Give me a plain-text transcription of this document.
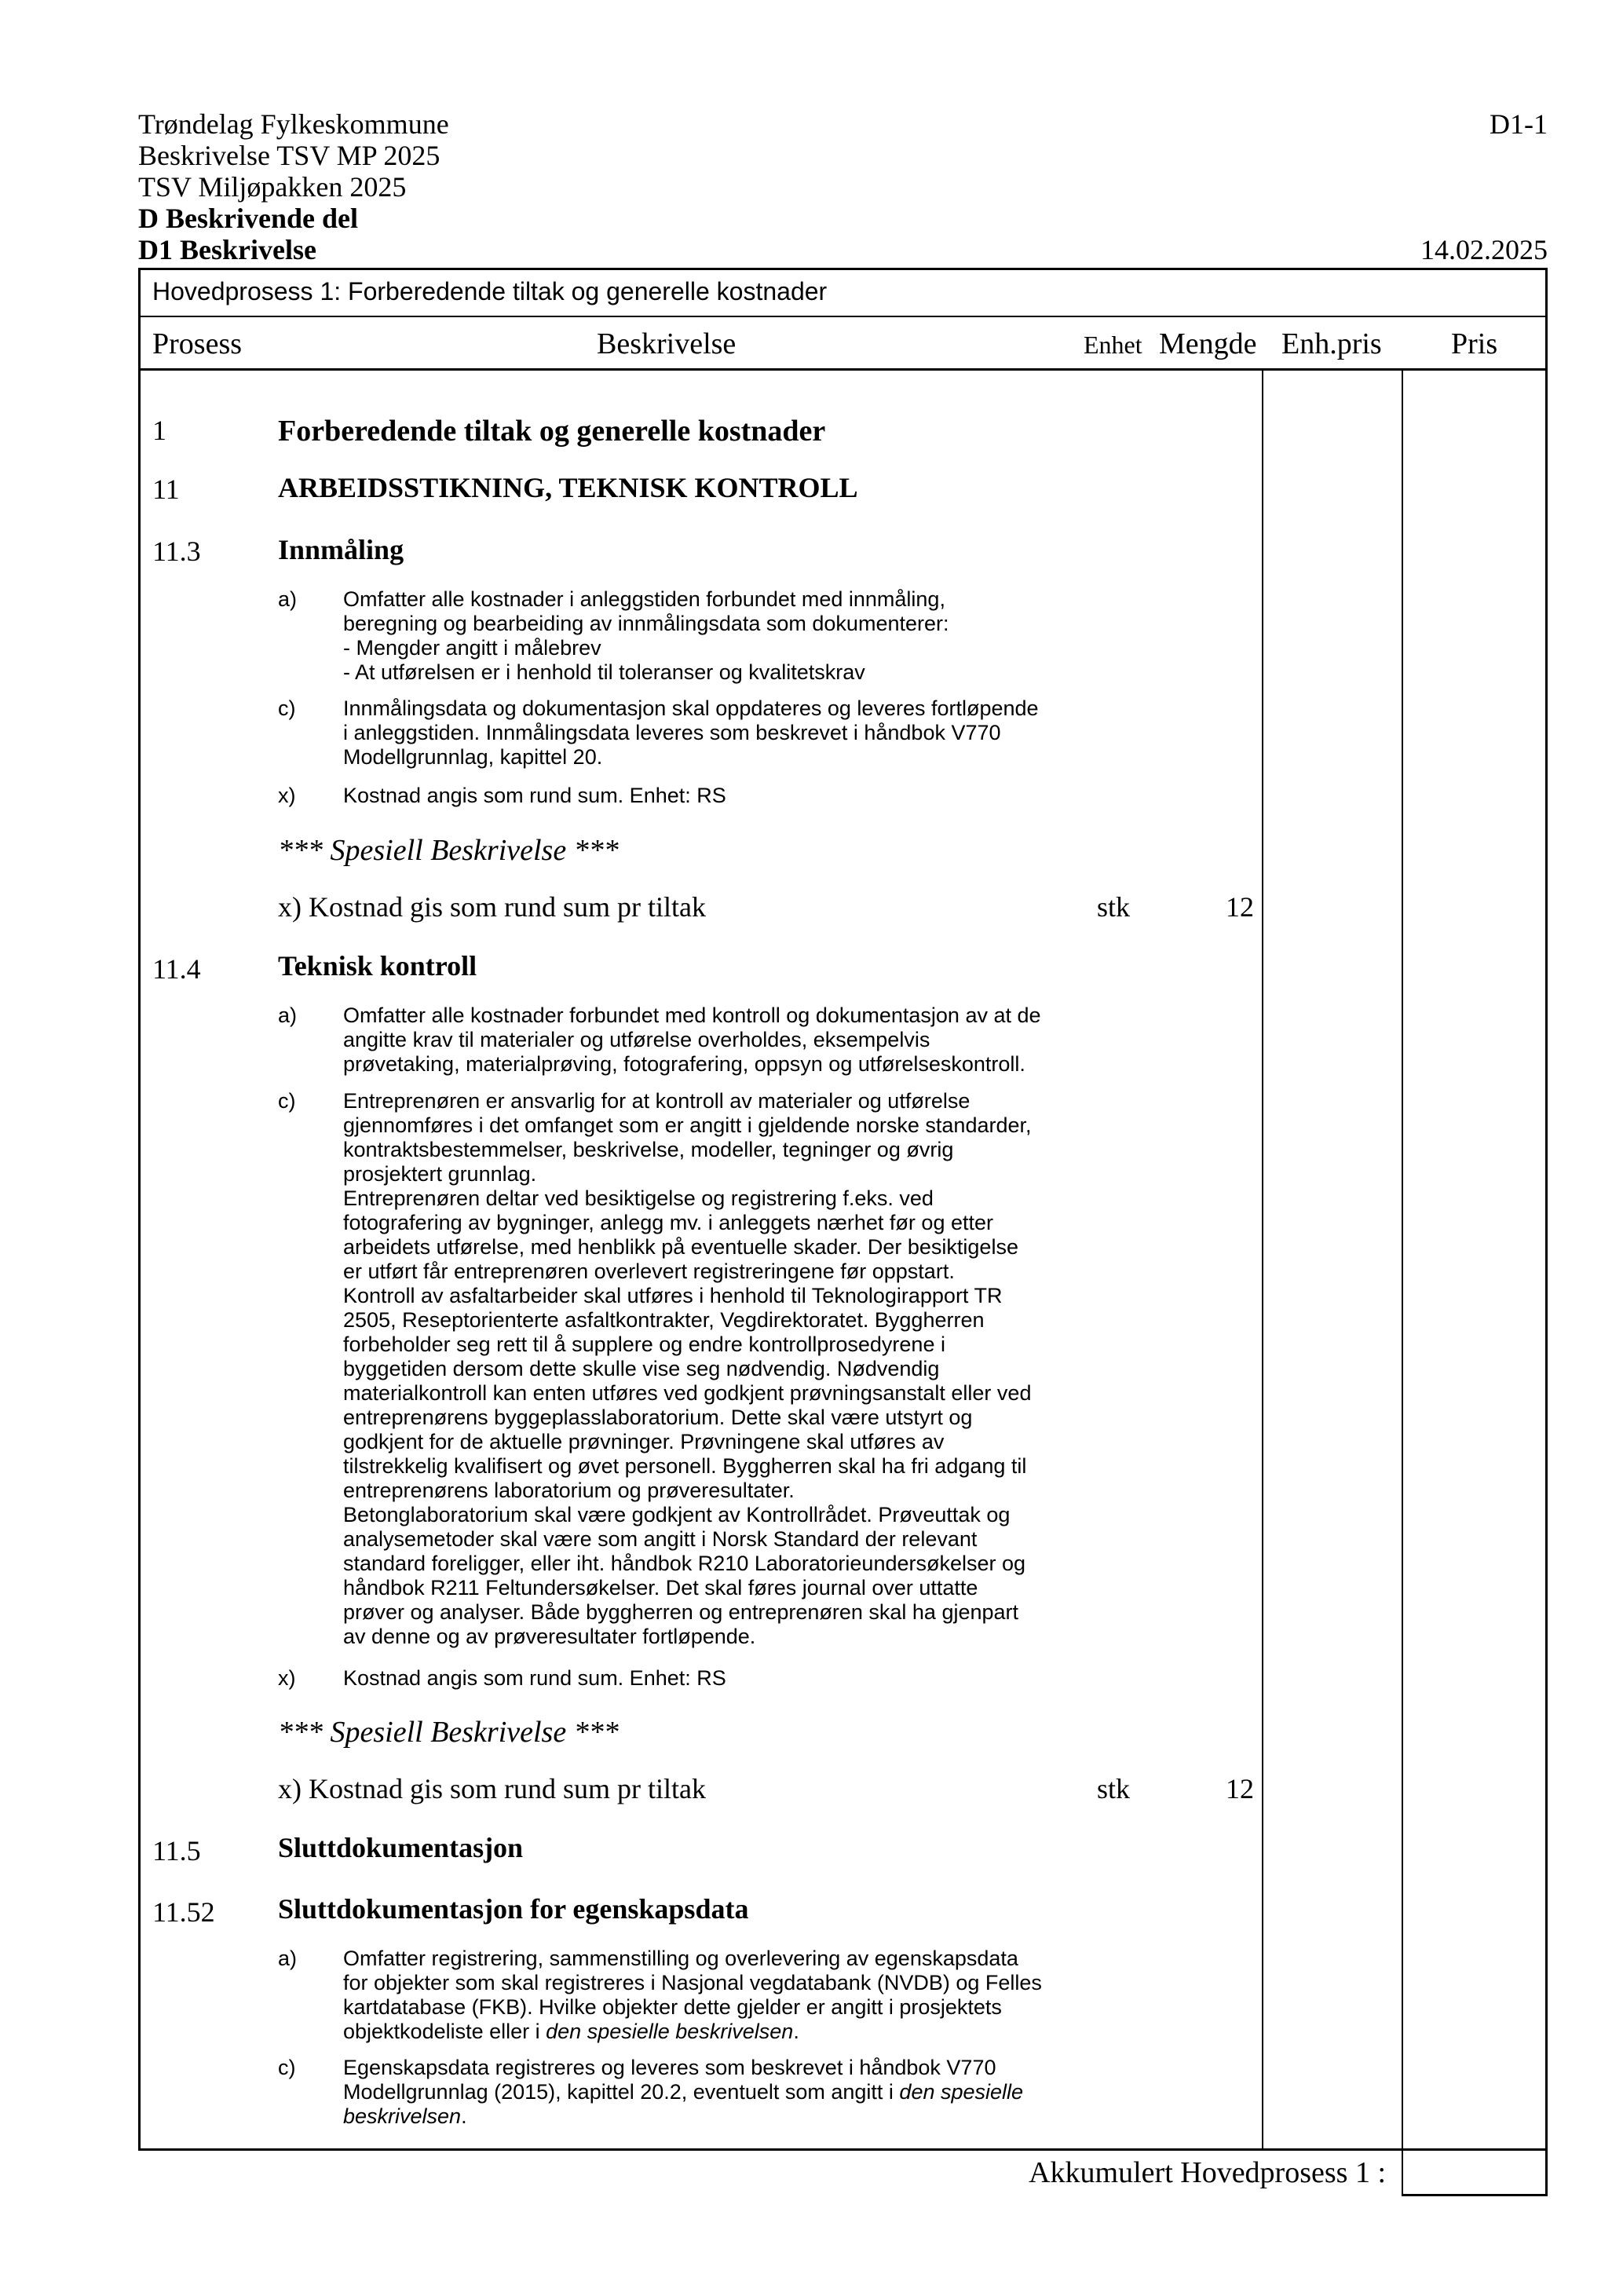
Trøndelag Fylkeskommune
Beskrivelse TSV MP 2025
TSV Miljøpakken 2025
D Beskrivende del
D1 Beskrivelse
D1-1
14.02.2025
Hovedprosess 1: Forberedende tiltak og generelle kostnader
Prosess	Beskrivelse	Enhet Mengde Enh.pris Pris
1	Forberedende tiltak og generelle kostnader
11	ARBEIDSSTIKNING, TEKNISK KONTROLL
11.3	Innmåling
a) Omfatter alle kostnader i anleggstiden forbundet med innmåling,
beregning og bearbeiding av innmålingsdata som dokumenterer:
- Mengder angitt i målebrev
- At utførelsen er i henhold til toleranser og kvalitetskrav
c) Innmålingsdata og dokumentasjon skal oppdateres og leveres fortløpende
i anleggstiden. Innmålingsdata leveres som beskrevet i håndbok V770
Modellgrunnlag, kapittel 20.
x) Kostnad angis som rund sum. Enhet: RS
*** Spesiell Beskrivelse ***
x) Kostnad gis som rund sum pr tiltak	stk	12
11.4	Teknisk kontroll
a) Omfatter alle kostnader forbundet med kontroll og dokumentasjon av at de
angitte krav til materialer og utførelse overholdes, eksempelvis
prøvetaking, materialprøving, fotografering, oppsyn og utførelseskontroll.
c) Entreprenøren er ansvarlig for at kontroll av materialer og utførelse
gjennomføres i det omfanget som er angitt i gjeldende norske standarder,
kontraktsbestemmelser, beskrivelse, modeller, tegninger og øvrig
prosjektert grunnlag.
Entreprenøren deltar ved besiktigelse og registrering f.eks. ved
fotografering av bygninger, anlegg mv. i anleggets nærhet før og etter
arbeidets utførelse, med henblikk på eventuelle skader. Der besiktigelse
er utført får entreprenøren overlevert registreringene før oppstart.
Kontroll av asfaltarbeider skal utføres i henhold til Teknologirapport TR
2505, Reseptorienterte asfaltkontrakter, Vegdirektoratet. Byggherren
forbeholder seg rett til å supplere og endre kontrollprosedyrene i
byggetiden dersom dette skulle vise seg nødvendig. Nødvendig
materialkontroll kan enten utføres ved godkjent prøvningsanstalt eller ved
entreprenørens byggeplasslaboratorium. Dette skal være utstyrt og
godkjent for de aktuelle prøvninger. Prøvningene skal utføres av
tilstrekkelig kvalifisert og øvet personell. Byggherren skal ha fri adgang til
entreprenørens laboratorium og prøveresultater.
Betonglaboratorium skal være godkjent av Kontrollrådet. Prøveuttak og
analysemetoder skal være som angitt i Norsk Standard der relevant
standard foreligger, eller iht. håndbok R210 Laboratorieundersøkelser og
håndbok R211 Feltundersøkelser. Det skal føres journal over uttatte
prøver og analyser. Både byggherren og entreprenøren skal ha gjenpart
av denne og av prøveresultater fortløpende.
x) Kostnad angis som rund sum. Enhet: RS
*** Spesiell Beskrivelse ***
x) Kostnad gis som rund sum pr tiltak	stk	12
11.5	Sluttdokumentasjon
11.52 Sluttdokumentasjon for egenskapsdata
a) Omfatter registrering, sammenstilling og overlevering av egenskapsdata
for objekter som skal registreres i Nasjonal vegdatabank (NVDB) og Felles
kartdatabase (FKB). Hvilke objekter dette gjelder er angitt i prosjektets
objektkodeliste eller i den spesielle beskrivelsen.
c) Egenskapsdata registreres og leveres som beskrevet i håndbok V770
Modellgrunnlag (2015), kapittel 20.2, eventuelt som angitt i den spesielle
beskrivelsen.
Akkumulert Hovedprosess 1 :
